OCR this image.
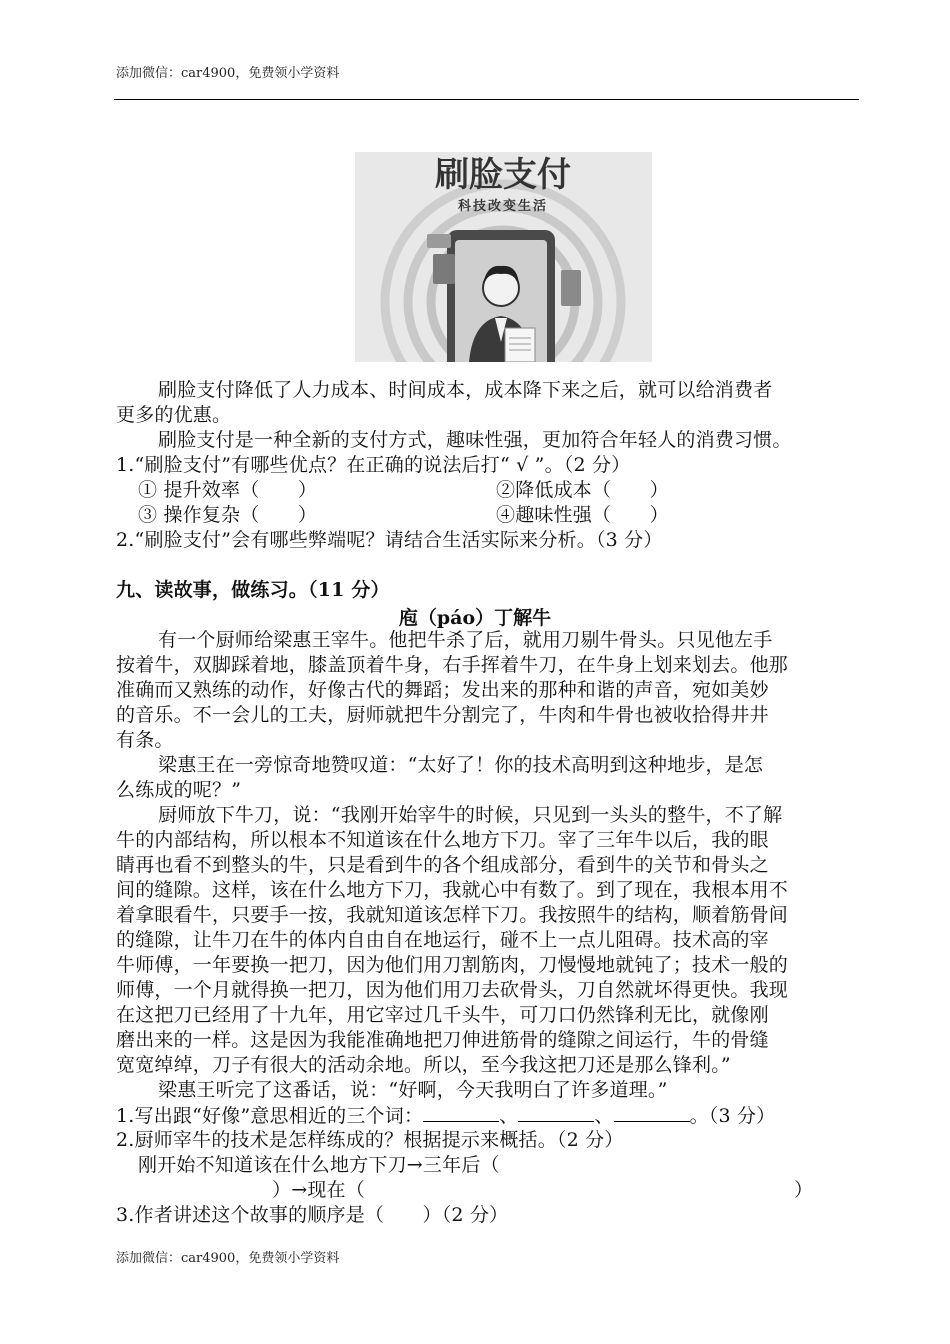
添加微信：car4900，免费领小学资料
刷脸支付
科技改变生活
刷脸支付降低了人力成本、时间成本，成本降下来之后，就可以给消费者
更多的优惠。
刷脸支付是一种全新的支付方式，趣味性强，更加符合年轻人的消费习惯。
1.“刷脸支付”有哪些优点？在正确的说法后打“ √ ”。（2 分）
① 提升效率（　　）	②降低成本（　　）
③ 操作复杂（　　）	④趣味性强（　　）
2.“刷脸支付”会有哪些弊端呢？请结合生活实际来分析。（3 分）
九、读故事，做练习。（11 分）
庖（páo）丁解牛
有一个厨师给梁惠王宰牛。他把牛杀了后，就用刀剔牛骨头。只见他左手
按着牛，双脚踩着地，膝盖顶着牛身，右手挥着牛刀，在牛身上划来划去。他那
准确而又熟练的动作，好像古代的舞蹈；发出来的那种和谐的声音，宛如美妙
的音乐。不一会儿的工夫，厨师就把牛分割完了，牛肉和牛骨也被收拾得井井
有条。
梁惠王在一旁惊奇地赞叹道：“太好了！你的技术高明到这种地步，是怎
么练成的呢？”
厨师放下牛刀，说：“我刚开始宰牛的时候，只见到一头头的整牛，不了解
牛的内部结构，所以根本不知道该在什么地方下刀。宰了三年牛以后，我的眼
睛再也看不到整头的牛，只是看到牛的各个组成部分，看到牛的关节和骨头之
间的缝隙。这样，该在什么地方下刀，我就心中有数了。到了现在，我根本用不
着拿眼看牛，只要手一按，我就知道该怎样下刀。我按照牛的结构，顺着筋骨间
的缝隙，让牛刀在牛的体内自由自在地运行，碰不上一点儿阻碍。技术高的宰
牛师傅，一年要换一把刀，因为他们用刀割筋肉，刀慢慢地就钝了；技术一般的
师傅，一个月就得换一把刀，因为他们用刀去砍骨头，刀自然就坏得更快。我现
在这把刀已经用了十九年，用它宰过几千头牛，可刀口仍然锋利无比，就像刚
磨出来的一样。这是因为我能准确地把刀伸进筋骨的缝隙之间运行，牛的骨缝
宽宽绰绰，刀子有很大的活动余地。所以，至今我这把刀还是那么锋利。”
梁惠王听完了这番话，说：“好啊，今天我明白了许多道理。”
1.写出跟“好像”意思相近的三个词：	、	、	。（3 分）
2.厨师宰牛的技术是怎样练成的？根据提示来概括。（2 分）
刚开始不知道该在什么地方下刀→三年后（
）→现在（	）
3.作者讲述这个故事的顺序是（　　）（2 分）
添加微信：car4900，免费领小学资料
